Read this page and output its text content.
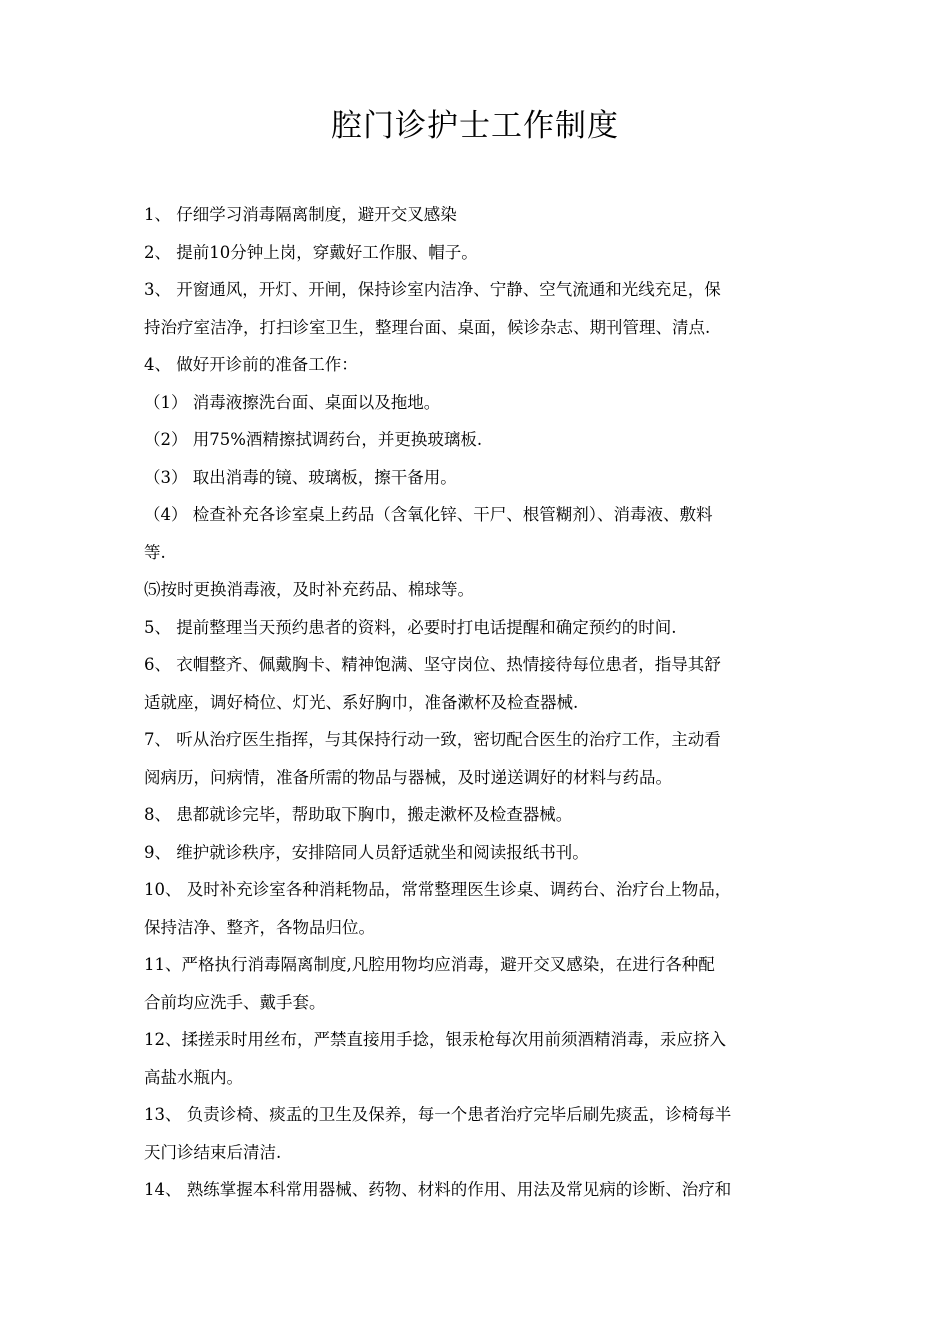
腔门诊护士工作制度
1、 仔细学习消毒隔离制度，避开交叉感染
2、 提前10分钟上岗，穿戴好工作服、帽子。
3、 开窗通风，开灯、开闸，保持诊室内洁净、宁静、空气流通和光线充足，保
持治疗室洁净，打扫诊室卫生，整理台面、桌面，候诊杂志、期刊管理、清点.
4、 做好开诊前的准备工作：
（1） 消毒液擦洗台面、桌面以及拖地。
（2） 用75%酒精擦拭调药台，并更换玻璃板.
（3） 取出消毒的镜、玻璃板，擦干备用。
（4） 检查补充各诊室桌上药品（含氧化锌、干尸、根管糊剂）、消毒液、敷料
等.
⑸按时更换消毒液，及时补充药品、棉球等。
5、 提前整理当天预约患者的资料，必要时打电话提醒和确定预约的时间.
6、 衣帽整齐、佩戴胸卡、精神饱满、坚守岗位、热情接待每位患者，指导其舒
适就座，调好椅位、灯光、系好胸巾，准备漱杯及检查器械.
7、 听从治疗医生指挥，与其保持行动一致，密切配合医生的治疗工作，主动看
阅病历，问病情，准备所需的物品与器械，及时递送调好的材料与药品。
8、 患都就诊完毕，帮助取下胸巾，搬走漱杯及检查器械。
9、 维护就诊秩序，安排陪同人员舒适就坐和阅读报纸书刊。
10、 及时补充诊室各种消耗物品，常常整理医生诊桌、调药台、治疗台上物品，
保持洁净、整齐，各物品归位。
11、严格执行消毒隔离制度,凡腔用物均应消毒，避开交叉感染，在进行各种配
合前均应洗手、戴手套。
12、揉搓汞时用丝布，严禁直接用手捻，银汞枪每次用前须酒精消毒，汞应挤入
高盐水瓶内。
13、 负责诊椅、痰盂的卫生及保养，每一个患者治疗完毕后刷先痰盂，诊椅每半
天门诊结束后清洁.
14、 熟练掌握本科常用器械、药物、材料的作用、用法及常见病的诊断、治疗和
